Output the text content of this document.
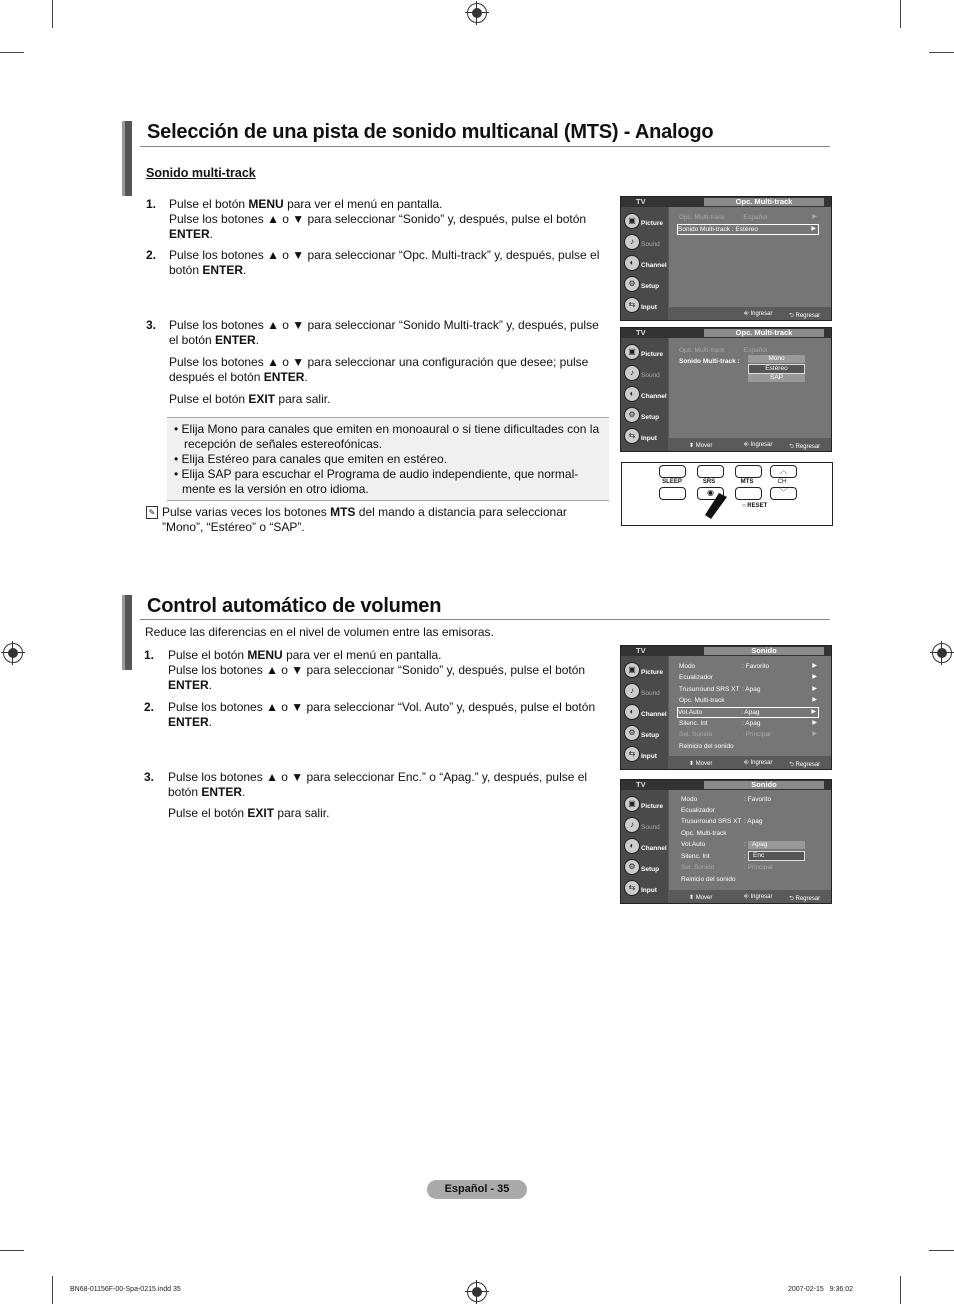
Selección de una pista de sonido multicanal (MTS) - Analogo
Sonido multi-track
1. Pulse el botón MENU para ver el menú en pantalla.
Pulse los botones ▲ o ▼ para seleccionar “Sonido” y, después, pulse el botón
ENTER.
2. Pulse los botones ▲ o ▼ para seleccionar “Opc. Multi-track” y, después, pulse el
botón ENTER.
3. Pulse los botones ▲ o ▼ para seleccionar “Sonido Multi-track” y, después, pulse
el botón ENTER.
Pulse los botones ▲ o ▼ para seleccionar una configuración que desee; pulse
después el botón ENTER.
Pulse el botón EXIT para salir.
• Elija Mono para canales que emiten en monoaural o si tiene dificultades con la
recepción de señales estereofónicas.
• Elija Estéreo para canales que emiten en estéreo.
• Elija SAP para escuchar el Programa de audio independiente, que normal-
mente es la versión en otro idioma.
✎ Pulse varias veces los botones MTS del mando a distancia para seleccionar
”Mono”, “Estéreo” o “SAP”.
Control automático de volumen
Reduce las diferencias en el nivel de volumen entre las emisoras.
1. Pulse el botón MENU para ver el menú en pantalla.
Pulse los botones ▲ o ▼ para seleccionar “Sonido” y, después, pulse el botón
ENTER.
2. Pulse los botones ▲ o ▼ para seleccionar “Vol. Auto” y, después, pulse el botón
ENTER.
3. Pulse los botones ▲ o ▼ para seleccionar Enc.” o “Apag.” y, después, pulse el
botón ENTER.
Pulse el botón EXIT para salir.
TV	Opc. Multi-track
▣ Picture
♪	Sound
◐	Channel
⚙ Setup
⇆ Input
Opc. Multi-track	:Español	▶
Sonido Multi-track : Estéreo	▶
⎆ Ingresar	⮌ Regresar
TV	Opc. Multi-track
▣ Picture
♪	Sound
◐	Channel
⚙ Setup
⇆ Input
Opc. Multi-track	:Español
Sonido Multi-track :	Mono
Estéreo
SAP
⬍ Mover	⎆ Ingresar	⮌ Regresar
︿
SLEEP	SRS	MTS	CH
◉	﹀
○ RESET
TV	Sonido
▣ Picture
♪	Sound
◐	Channel
⚙ Setup
⇆ Input
Modo	: Favorito	▶
Ecualizador	▶
Trusurround SRS XT : Apag	▶
Opc. Multi-track	▶
Vol.Auto	: Apag	▶
Silenc. Int	: Apag	▶
Sel. Sonido	: Principal	▶
Reinicio del sonido
⬍ Mover	⎆ Ingresar	⮌ Regresar
TV	Sonido
▣ Picture
♪	Sound
◐	Channel
⚙ Setup
⇆ Input
Modo	: Favorito
Ecualizador
Trusurround SRS XT : Apag
Opc. Multi-track
Vol.Auto	:
Silenc. Int	:
Sel. Sonido	: Principal
Reinicio del sonido
Apag
Enc
⬍ Mover	⎆ Ingresar	⮌ Regresar
Español - 35
BN68-01156F-00-Spa-0215.indd 35	2007-02-15   9:36:02
